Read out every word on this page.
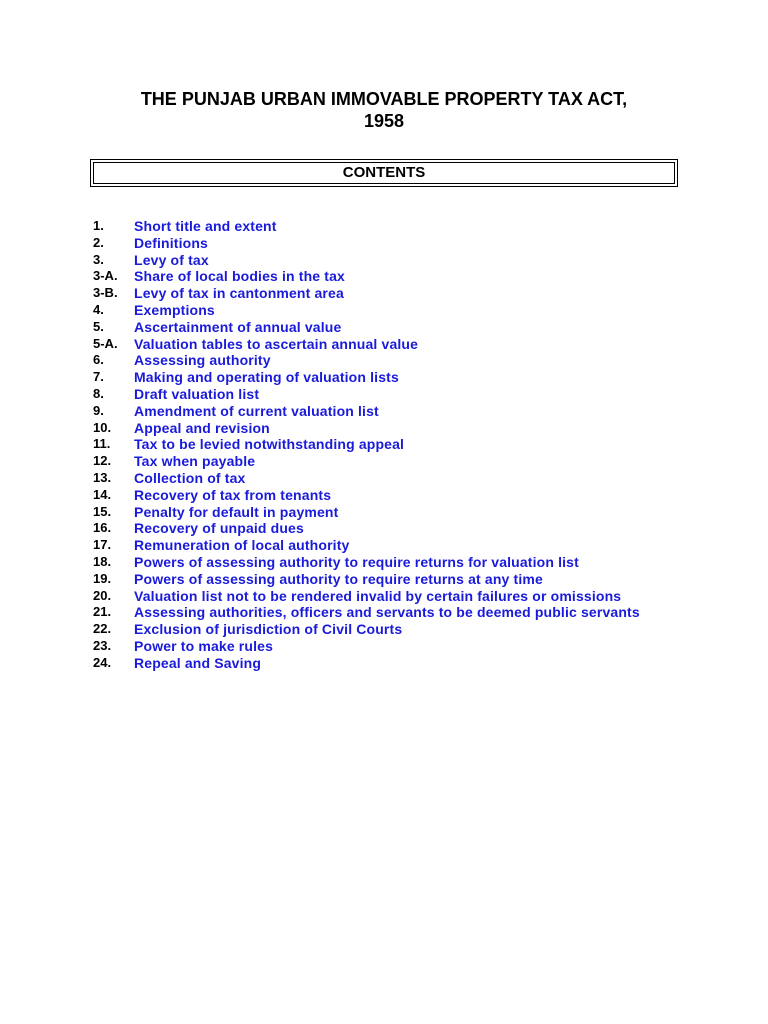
THE PUNJAB URBAN IMMOVABLE PROPERTY TAX ACT,
1958
CONTENTS
1.	Short title and extent
2.	Definitions
3.	Levy of tax
3-A.	Share of local bodies in the tax
3-B.	Levy of tax in cantonment area
4.	Exemptions
5.	Ascertainment of annual value
5-A.	Valuation tables to ascertain annual value
6.	Assessing authority
7.	Making and operating of valuation lists
8.	Draft valuation list
9.	Amendment of current valuation list
10.	Appeal and revision
11.	Tax to be levied notwithstanding appeal
12.	Tax when payable
13.	Collection of tax
14.	Recovery of tax from tenants
15.	Penalty for default in payment
16.	Recovery of unpaid dues
17.	Remuneration of local authority
18.	Powers of assessing authority to require returns for valuation list
19.	Powers of assessing authority to require returns at any time
20.	Valuation list not to be rendered invalid by certain failures or omissions
21.	Assessing authorities, officers and servants to be deemed public servants
22.	Exclusion of jurisdiction of Civil Courts
23.	Power to make rules
24.	Repeal and Saving
